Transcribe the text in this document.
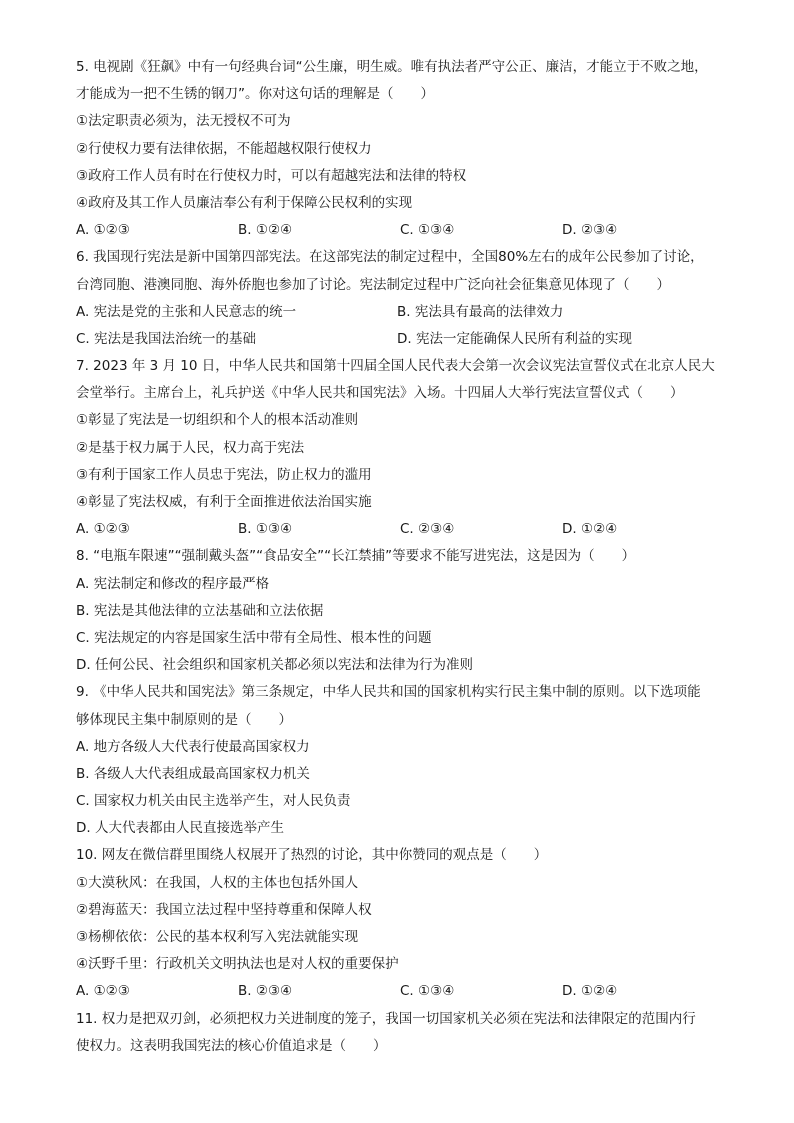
5. 电视剧《狂飙》中有一句经典台词“公生廉，明生威。唯有执法者严守公正、廉洁，才能立于不败之地，
才能成为一把不生锈的钢刀”。你对这句话的理解是（　　）
①法定职责必须为，法无授权不可为
②行使权力要有法律依据，不能超越权限行使权力
③政府工作人员有时在行使权力时，可以有超越宪法和法律的特权
④政府及其工作人员廉洁奉公有利于保障公民权利的实现
A. ①②③	B. ①②④	C. ①③④	D. ②③④
6. 我国现行宪法是新中国第四部宪法。在这部宪法的制定过程中，全国80%左右的成年公民参加了讨论，
台湾同胞、港澳同胞、海外侨胞也参加了讨论。宪法制定过程中广泛向社会征集意见体现了（　　）
A. 宪法是党的主张和人民意志的统一	B. 宪法具有最高的法律效力
C. 宪法是我国法治统一的基础	D. 宪法一定能确保人民所有利益的实现
7. 2023 年 3 月 10 日，中华人民共和国第十四届全国人民代表大会第一次会议宪法宣誓仪式在北京人民大
会堂举行。主席台上，礼兵护送《中华人民共和国宪法》入场。十四届人大举行宪法宣誓仪式（　　）
①彰显了宪法是一切组织和个人的根本活动准则
②是基于权力属于人民，权力高于宪法
③有利于国家工作人员忠于宪法，防止权力的滥用
④彰显了宪法权威，有利于全面推进依法治国实施
A. ①②③	B. ①③④	C. ②③④	D. ①②④
8. “电瓶车限速”“强制戴头盔”“食品安全”“长江禁捕”等要求不能写进宪法，这是因为（　　）
A. 宪法制定和修改的程序最严格
B. 宪法是其他法律的立法基础和立法依据
C. 宪法规定的内容是国家生活中带有全局性、根本性的问题
D. 任何公民、社会组织和国家机关都必须以宪法和法律为行为准则
9. 《中华人民共和国宪法》第三条规定，中华人民共和国的国家机构实行民主集中制的原则。以下选项能
够体现民主集中制原则的是（　　）
A. 地方各级人大代表行使最高国家权力
B. 各级人大代表组成最高国家权力机关
C. 国家权力机关由民主选举产生，对人民负责
D. 人大代表都由人民直接选举产生
10. 网友在微信群里围绕人权展开了热烈的讨论，其中你赞同的观点是（　　）
①大漠秋风：在我国，人权的主体也包括外国人
②碧海蓝天：我国立法过程中坚持尊重和保障人权
③杨柳依依：公民的基本权利写入宪法就能实现
④沃野千里：行政机关文明执法也是对人权的重要保护
A. ①②③	B. ②③④	C. ①③④	D. ①②④
11. 权力是把双刃剑，必须把权力关进制度的笼子，我国一切国家机关必须在宪法和法律限定的范围内行
使权力。这表明我国宪法的核心价值追求是（　　）
